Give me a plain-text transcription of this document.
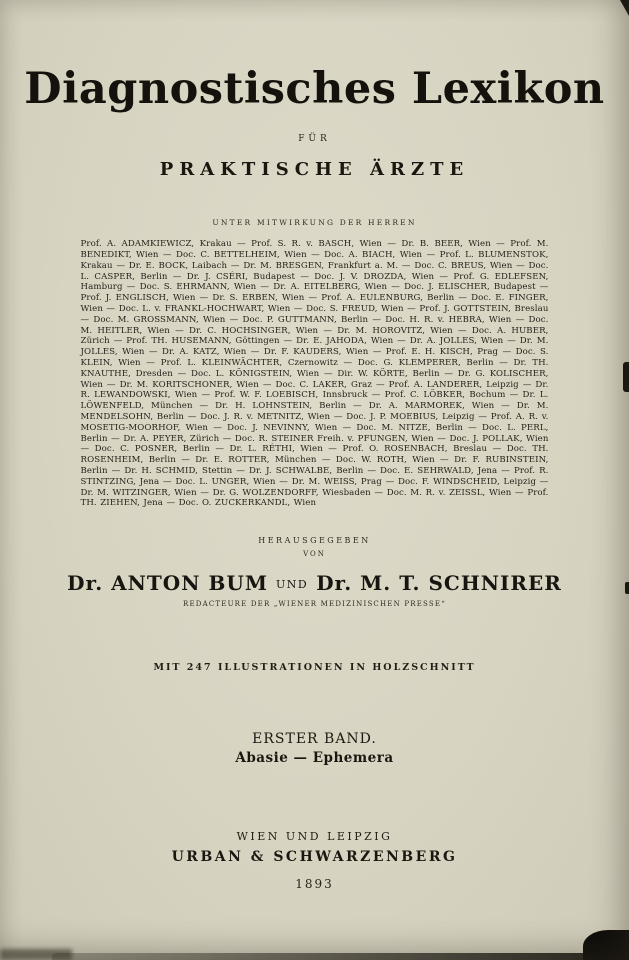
Diagnostisches Lexikon
FÜR
PRAKTISCHE ÄRZTE
UNTER MITWIRKUNG DER HERREN

Prof. A. ADAMKIEWICZ, Krakau — Prof. S. R. v. BASCH, Wien — Dr. B. BEER, Wien — Prof. M. BENEDIKT, Wien — Doc. C. BETTELHEIM, Wien — Doc. A. BIACH, Wien — Prof. L. BLUMENSTOK, Krakau — Dr. E. BOCK, Laibach — Dr. M. BRESGEN, Frankfurt a. M. — Doc. C. BREUS, Wien — Doc. L. CASPER, Berlin — Dr. J. CSÉRI, Budapest — Doc. J. V. DROZDA, Wien — Prof. G. EDLEFSEN, Hamburg — Doc. S. EHRMANN, Wien — Dr. A. EITELBERG, Wien — Doc. J. ELISCHER, Budapest — Prof. J. ENGLISCH, Wien — Dr. S. ERBEN, Wien — Prof. A. EULENBURG, Berlin — Doc. E. FINGER, Wien — Doc. L. v. FRANKL-HOCHWART, Wien — Doc. S. FREUD, Wien — Prof. J. GOTTSTEIN, Breslau — Doc. M. GROSSMANN, Wien — Doc. P. GUTTMANN, Berlin — Doc. H. R. v. HEBRA, Wien — Doc. M. HEITLER, Wien — Dr. C. HOCHSINGER, Wien — Dr. M. HOROVITZ, Wien — Doc. A. HUBER, Zürich — Prof. TH. HUSEMANN, Göttingen — Dr. E. JAHODA, Wien — Dr. A. JOLLES, Wien — Dr. M. JOLLES, Wien — Dr. A. KATZ, Wien — Dr. F. KAUDERS, Wien — Prof. E. H. KISCH, Prag — Doc. S. KLEIN, Wien — Prof. L. KLEINWÄCHTER, Czernowitz — Doc. G. KLEMPERER, Berlin — Dr. TH. KNAUTHE, Dresden — Doc. L. KÖNIGSTEIN, Wien — Dir. W. KÖRTE, Berlin — Dr. G. KOLISCHER, Wien — Dr. M. KORITSCHONER, Wien — Doc. C. LAKER, Graz — Prof. A. LANDERER, Leipzig — Dr. R. LEWANDOWSKI, Wien — Prof. W. F. LOEBISCH, Innsbruck — Prof. C. LÖBKER, Bochum — Dr. L. LÖWENFELD, München — Dr. H. LOHNSTEIN, Berlin — Dr. A. MARMOREK, Wien — Dr. M. MENDELSOHN, Berlin — Doc. J. R. v. METNITZ, Wien — Doc. J. P. MOEBIUS, Leipzig — Prof. A. R. v. MOSETIG-MOORHOF, Wien — Doc. J. NEVINNY, Wien — Doc. M. NITZE, Berlin — Doc. L. PERL, Berlin — Dr. A. PEYER, Zürich — Doc. R. STEINER Freih. v. PFUNGEN, Wien — Doc. J. POLLAK, Wien — Doc. C. POSNER, Berlin — Dr. L. RÉTHI, Wien — Prof. O. ROSENBACH, Breslau — Doc. TH. ROSENHEIM, Berlin — Dr. E. ROTTER, München — Doc. W. ROTH, Wien — Dr. F. RUBINSTEIN, Berlin — Dr. H. SCHMID, Stettin — Dr. J. SCHWALBE, Berlin — Doc. E. SEHRWALD, Jena — Prof. R. STINTZING, Jena — Doc. L. UNGER, Wien — Dr. M. WEISS, Prag — Doc. F. WINDSCHEID, Leipzig — Dr. M. WITZINGER, Wien — Dr. G. WOLZENDORFF, Wiesbaden — Doc. M. R. v. ZEISSL, Wien — Prof. TH. ZIEHEN, Jena — Doc. O. ZUCKERKANDL, Wien

HERAUSGEGEBEN
VON
Dr. ANTON BUM UND Dr. M. T. SCHNIRER
REDACTEURE DER „WIENER MEDIZINISCHEN PRESSE“
MIT 247 ILLUSTRATIONEN IN HOLZSCHNITT
ERSTER BAND.
Abasie — Ephemera
WIEN UND LEIPZIG
URBAN & SCHWARZENBERG
1893
